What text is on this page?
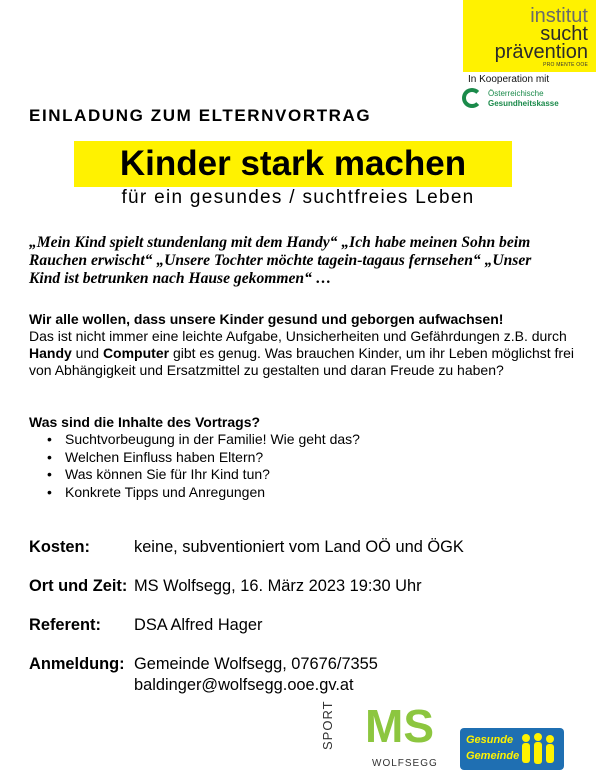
institut
sucht
prävention
PRO MENTE OOE
In Kooperation mit
Österreichische
Gesundheitskasse
EINLADUNG ZUM ELTERNVORTRAG
Kinder stark machen
für ein gesundes / suchtfreies Leben
„Mein Kind spielt stundenlang mit dem Handy“ „Ich habe meinen Sohn beim Rauchen erwischt“ „Unsere Tochter möchte tagein-tagaus fernsehen“ „Unser Kind ist betrunken nach Hause gekommen“ …
Wir alle wollen, dass unsere Kinder gesund und geborgen aufwachsen!
Das ist nicht immer eine leichte Aufgabe, Unsicherheiten und Gefährdungen z.B. durch Handy und Computer gibt es genug. Was brauchen Kinder, um ihr Leben möglichst frei von Abhängigkeit und Ersatzmittel zu gestalten und daran Freude zu haben?
Was sind die Inhalte des Vortrags?
• Suchtvorbeugung in der Familie! Wie geht das?
• Welchen Einfluss haben Eltern?
• Was können Sie für Ihr Kind tun?
• Konkrete Tipps und Anregungen
Kosten:	keine, subventioniert vom Land OÖ und ÖGK
Ort und Zeit: MS Wolfsegg, 16. März 2023 19:30 Uhr
Referent: DSA Alfred Hager
Anmeldung: Gemeinde Wolfsegg, 07676/7355
baldinger@wolfsegg.ooe.gv.at
SPORT MS
WOLFSEGG
Gesunde
Gemeinde
